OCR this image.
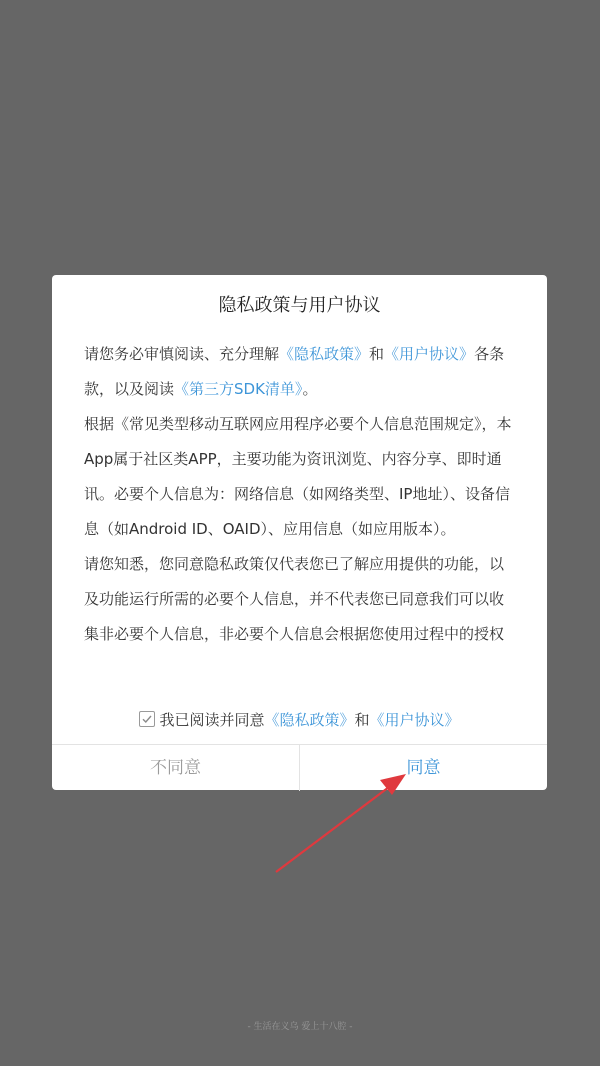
隐私政策与用户协议

请您务必审慎阅读、充分理解《隐私政策》和《用户协议》各条款，以及阅读《第三方SDK清单》。

根据《常见类型移动互联网应用程序必要个人信息范围规定》，本App属于社区类APP，主要功能为资讯浏览、内容分享、即时通讯。必要个人信息为：网络信息（如网络类型、IP地址）、设备信息（如Android ID、OAID）、应用信息（如应用版本）。

请您知悉，您同意隐私政策仅代表您已了解应用提供的功能，以及功能运行所需的必要个人信息，并不代表您已同意我们可以收集非必要个人信息，非必要个人信息会根据您使用过程中的授权

我已阅读并同意《隐私政策》和《用户协议》
不同意	同意
- 生活在义乌 爱上十八腔 -
